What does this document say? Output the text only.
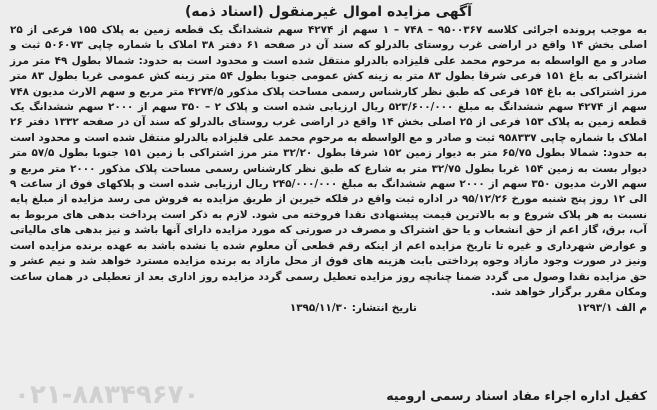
آگهی مزایده اموال غیرمنقول (اسناد ذمه)

به موجب پرونده اجرائی کلاسه ۹۵۰۰۳۶۷ – ۷۴۸ – ۱ سهم از ۴۲۷۴ سهم ششدانگ یک قطعه زمین به پلاک ۱۵۵ فرعی از ۲۵ اصلی بخش ۱۴ واقع در اراضی غرب روستای بالدرلو که سند آن در صفحه ۶۱ دفتر ۳۸ املاک با شماره چاپی ۵۰۶۰۷۳ ثبت و صادر و مع الواسطه به مرحوم محمد علی قلیزاده بالدرلو منتقل شده است و محدود است به حدود: شمالا بطول ۴۹ متر مرز اشتراکی به باغ ۱۵۱ فرعی شرقا بطول ۸۳ متر به زینه کش عمومی جنوبا بطول ۵۴ متر زینه کش عمومی غربا بطول ۸۳ متر مرز اشتراکی به باغ ۱۵۴ فرعی که طبق نظر کارشناس رسمی مساحت پلاک مذکور ۴۲۷۴/۵ متر مربع و سهم الارث مدیون ۷۴۸ سهم از ۴۲۷۴ سهم ششدانگ به مبلغ ۵۲۳/۶۰۰/۰۰۰ ریال ارزیابی شده است و پلاک ۲ – ۳۵۰ سهم از ۲۰۰۰ سهم ششدانگ یک قطعه زمین به پلاک ۱۵۳ فرعی از ۲۵ اصلی بخش ۱۴ واقع در اراضی غرب روستای بالدرلو که سند آن در صفحه ۱۳۳۲ دفتر ۲۶ املاک با شماره چاپی ۹۵۸۳۳۷ ثبت و صادر و مع الواسطه به مرحوم محمد علی قلیزاده بالدرلو منتقل شده است و محدود است به حدود: شمالا بطول ۶۵/۷۵ متر به دیوار زمین ۱۵۲ شرقا بطول ۳۲/۲۰ متر مرز اشتراکی با زمین ۱۵۱ جنوبا بطول ۵۷/۵ متر دیوار بست به زمین ۱۵۴ غربا بطول ۳۲/۷۵ متر به شارع که طبق نظر کارشناس رسمی مساحت پلاک مذکور ۲۰۰۰ متر مربع و سهم الارث مدیون ۳۵۰ سهم از ۲۰۰۰ سهم ششدانگ به مبلغ ۲۴۵/۰۰۰/۰۰۰ ریال ارزیابی شده است و پلاکهای فوق از ساعت ۹ الی ۱۲ روز پنج شنبه مورخ ۹۵/۱۲/۲۶ در اداره ثبت واقع در فلکه خیرین از طریق مزایده به فروش می رسد مزایده از مبلغ پایه نسبت به هر پلاک شروع و به بالاترین قیمت پیشنهادی نقدا فروخته می شود. لازم به ذکر است پرداخت بدهی های مربوط به آب، برق، گاز اعم از حق انشعاب و یا حق اشتراک و مصرف در صورتی که مورد مزایده دارای آنها باشد و نیز بدهی های مالیاتی و عوارض شهرداری و غیره تا تاریخ مزایده اعم از اینکه رقم قطعی آن معلوم شده یا نشده باشد به عهده برنده مزایده است ونیز در صورت وجود مازاد وجوه پرداختی بابت هزینه های فوق از محل مازاد به برنده مزایده مسترد خواهد شد و نیم عشر و حق مزایده نقدا وصول می گردد ضمنا چنانچه روز مزایده تعطیل رسمی گردد مزایده روز اداری بعد از تعطیلی در همان ساعت ومکان مقرر برگزار خواهد شد.

م الف ۱۲۹۳/۱
تاریخ انتشار: ۱۳۹۵/۱۱/۳۰
کفیل اداره اجراء مفاد اسناد رسمی ارومیه
۰۲۱-۸۸۳۴۹۶۷۰
